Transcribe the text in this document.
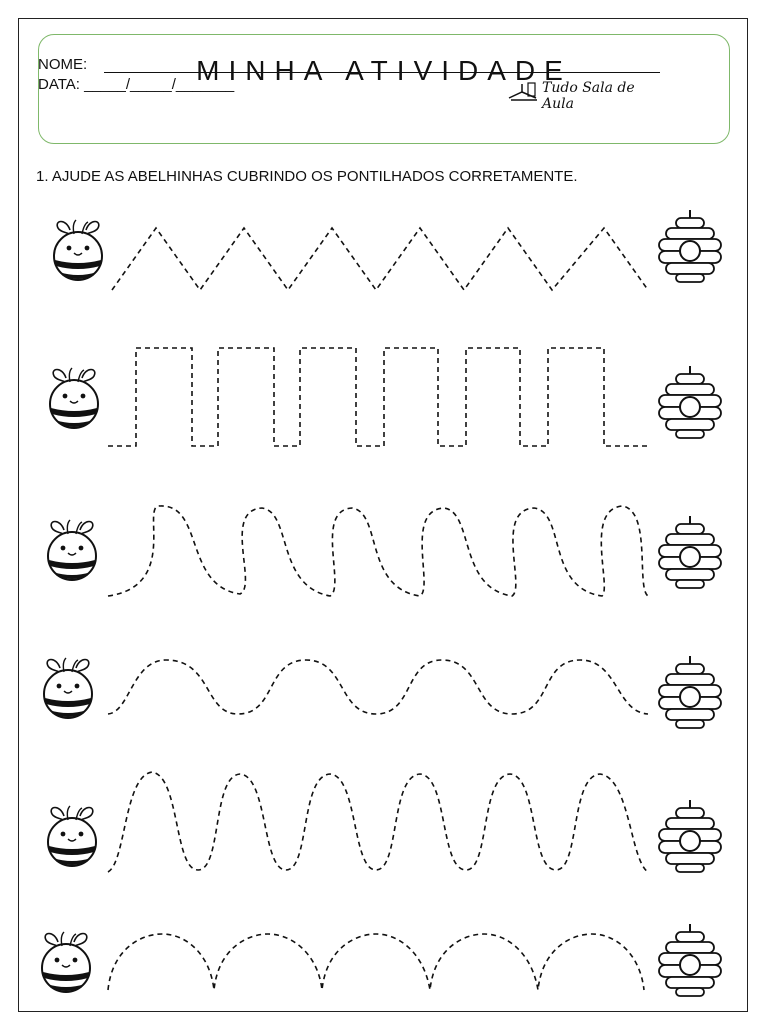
MINHA ATIVIDADE
NOME:
DATA: _____/_____/_______	Tudo Sala de Aula
1. AJUDE AS ABELHINHAS CUBRINDO OS PONTILHADOS CORRETAMENTE.
